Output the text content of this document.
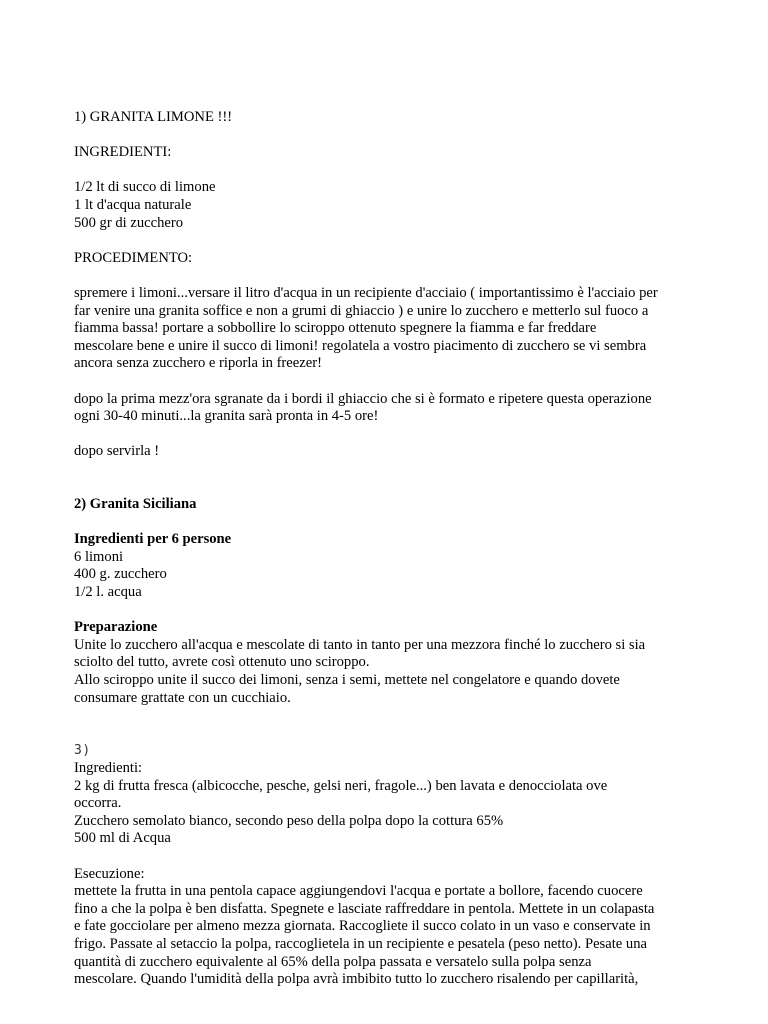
1) GRANITA LIMONE !!!
INGREDIENTI:
1/2 lt di succo di limone
1 lt d'acqua naturale
500 gr di zucchero
PROCEDIMENTO:
spremere i limoni...versare il litro d'acqua in un recipiente d'acciaio ( importantissimo è l'acciaio per
far venire una granita soffice e non a grumi di ghiaccio ) e unire lo zucchero e metterlo sul fuoco a
fiamma bassa! portare a sobbollire lo sciroppo ottenuto spegnere la fiamma e far freddare
mescolare bene e unire il succo di limoni! regolatela a vostro piacimento di zucchero se vi sembra
ancora senza zucchero e riporla in freezer!
dopo la prima mezz'ora sgranate da i bordi il ghiaccio che si è formato e ripetere questa operazione
ogni 30-40 minuti...la granita sarà pronta in 4-5 ore!
dopo servirla !
2) Granita Siciliana
Ingredienti per 6 persone
6 limoni
400 g. zucchero
1/2 l. acqua
Preparazione
Unite lo zucchero all'acqua e mescolate di tanto in tanto per una mezzora finché lo zucchero si sia
sciolto del tutto, avrete così ottenuto uno sciroppo.
Allo sciroppo unite il succo dei limoni, senza i semi, mettete nel congelatore e quando dovete
consumare grattate con un cucchiaio.
3)
Ingredienti:
2 kg di frutta fresca (albicocche, pesche, gelsi neri, fragole...) ben lavata e denocciolata ove
occorra.
Zucchero semolato bianco, secondo peso della polpa dopo la cottura 65%
500 ml di Acqua
Esecuzione:
mettete la frutta in una pentola capace aggiungendovi l'acqua e portate a bollore, facendo cuocere
fino a che la polpa è ben disfatta. Spegnete e lasciate raffreddare in pentola. Mettete in un colapasta
e fate gocciolare per almeno mezza giornata. Raccogliete il succo colato in un vaso e conservate in
frigo. Passate al setaccio la polpa, raccoglietela in un recipiente e pesatela (peso netto). Pesate una
quantità di zucchero equivalente al 65% della polpa passata e versatelo sulla polpa senza
mescolare. Quando l'umidità della polpa avrà imbibito tutto lo zucchero risalendo per capillarità,
